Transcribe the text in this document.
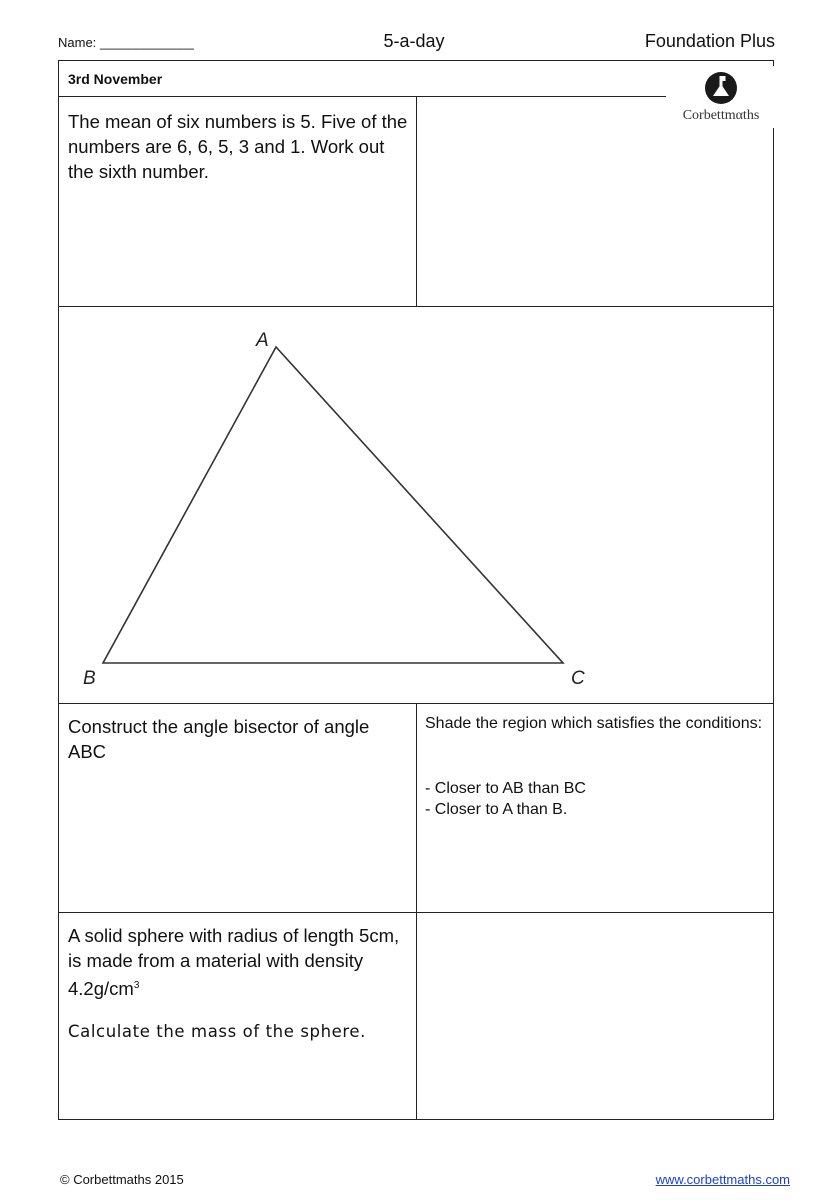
Name: _____________	5-a-day	Foundation Plus
3rd November
Corbettmαths
The mean of six numbers is 5. Five of the numbers are 6, 6, 5, 3 and 1. Work out the sixth number.
A
B	C
Construct the angle bisector of angle ABC
Shade the region which satisfies the conditions:
- Closer to AB than BC
- Closer to A than B.
A solid sphere with radius of length 5cm, is made from a material with density $4.2g/cm^3$
Calculate the mass of the sphere.
© Corbettmaths 2015	www.corbettmaths.com
